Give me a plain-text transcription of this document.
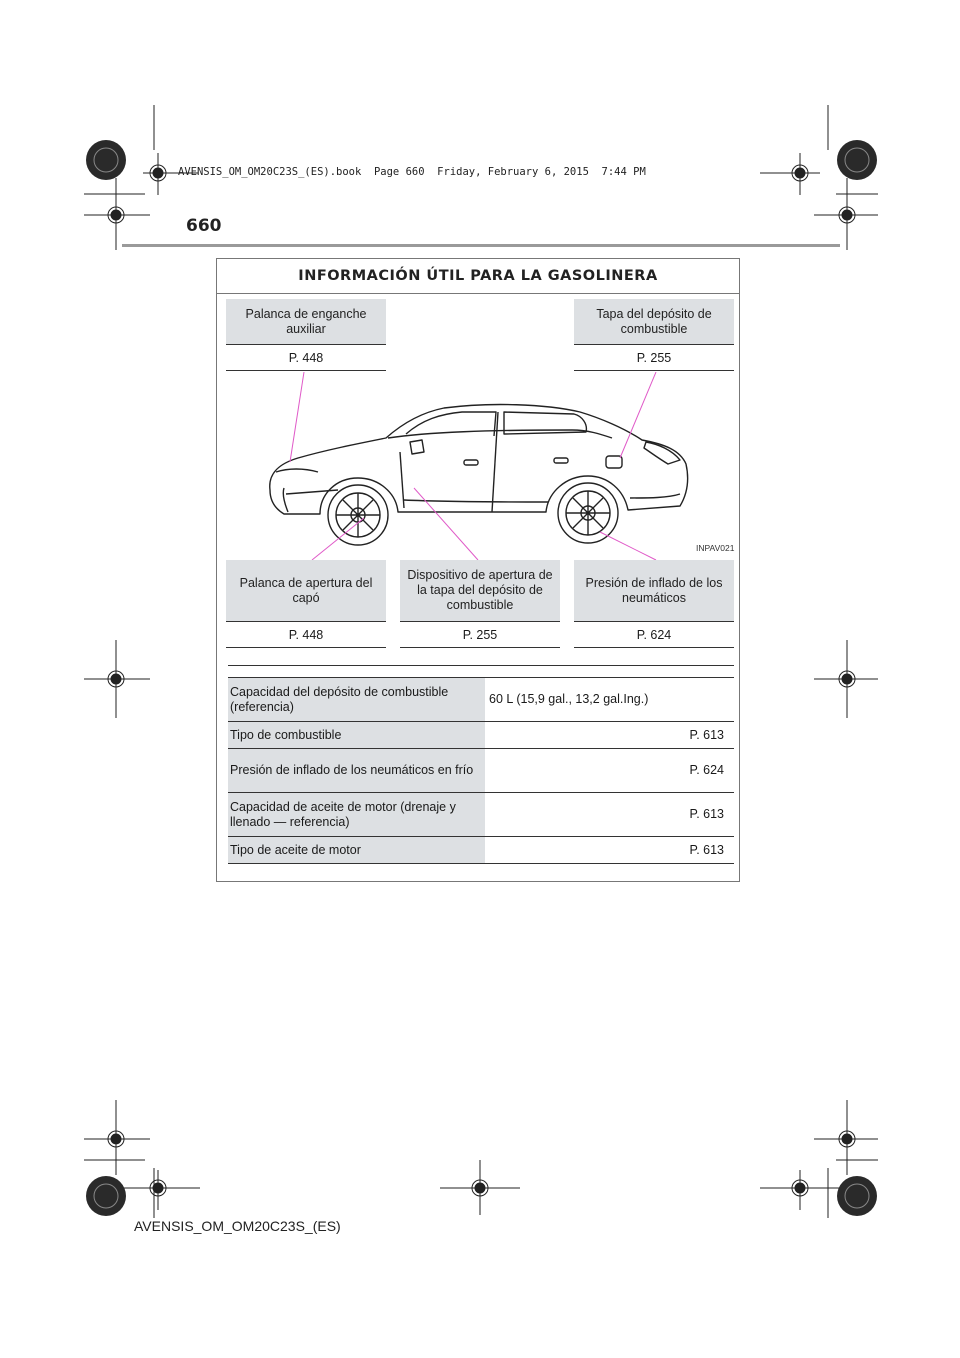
AVENSIS_OM_OM20C23S_(ES).book  Page 660  Friday, February 6, 2015  7:44 PM
660
INFORMACIÓN ÚTIL PARA LA GASOLINERA
Palanca de enganche auxiliar
P. 448
Tapa del depósito de combustible
P. 255
INPAV021
Palanca de apertura del capó
P. 448
Dispositivo de apertura de la tapa del depósito de combustible
P. 255
Presión de inflado de los neumáticos
P. 624
Capacidad del depósito de combustible (referencia)	60 L (15,9 gal., 13,2 gal.Ing.)
Tipo de combustible	P. 613
Presión de inflado de los neumáticos en frío	P. 624
Capacidad de aceite de motor (drenaje y llenado — referencia)	P. 613
Tipo de aceite de motor	P. 613
AVENSIS_OM_OM20C23S_(ES)
